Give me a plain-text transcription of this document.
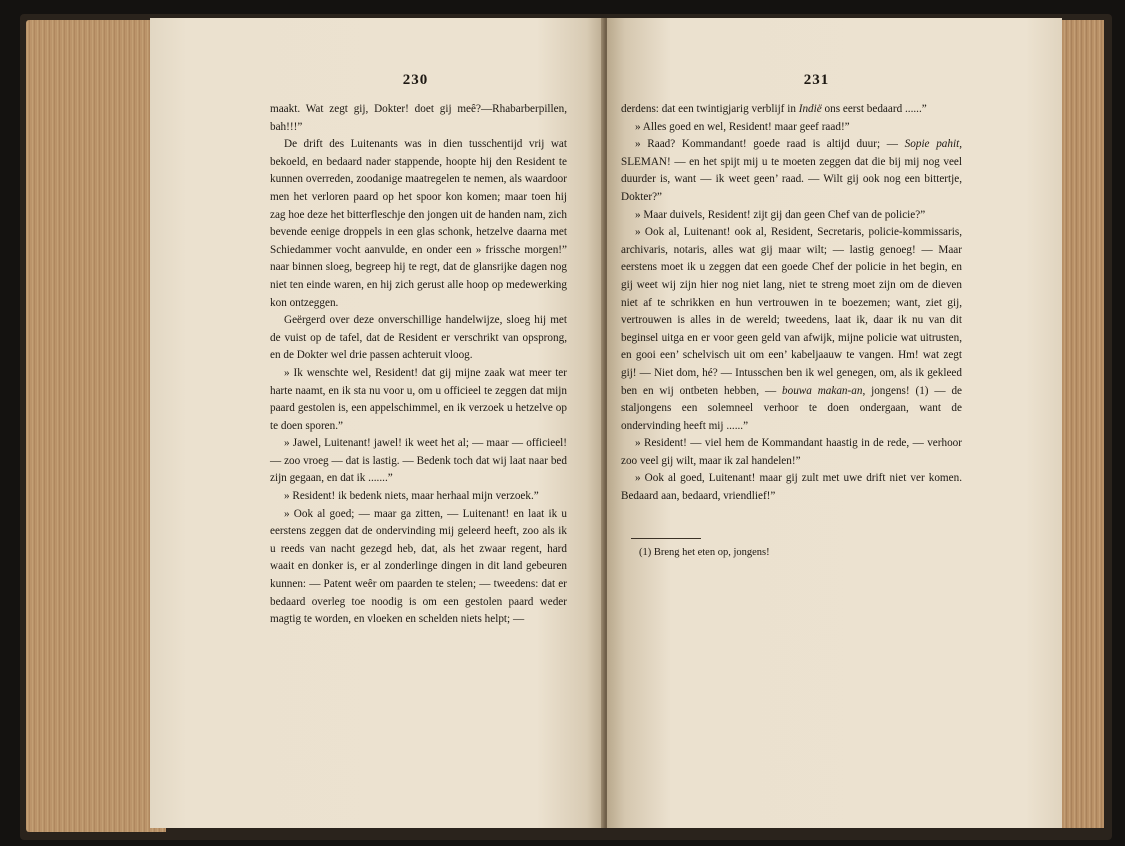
230

maakt. Wat zegt gij, Dokter! doet gij meê?—Rhabarberpillen, bah!!!”

De drift des Luitenants was in dien tusschentijd vrij wat bekoeld, en bedaard nader stappende, hoopte hij den Resident te kunnen overreden, zoodanige maatregelen te nemen, als waardoor men het verloren paard op het spoor kon komen; maar toen hij zag hoe deze het bitterfleschje den jongen uit de handen nam, zich bevende eenige droppels in een glas schonk, hetzelve daarna met Schiedammer vocht aanvulde, en onder een » frissche morgen!” naar binnen sloeg, begreep hij te regt, dat de glansrijke dagen nog niet ten einde waren, en hij zich gerust alle hoop op medewerking kon ontzeggen.

Geërgerd over deze onverschillige handelwijze, sloeg hij met de vuist op de tafel, dat de Resident er verschrikt van opsprong, en de Dokter wel drie passen achteruit vloog.

» Ik wenschte wel, Resident! dat gij mijne zaak wat meer ter harte naamt, en ik sta nu voor u, om u officieel te zeggen dat mijn paard gestolen is, een appelschimmel, en ik verzoek u hetzelve op te doen sporen.”

» Jawel, Luitenant! jawel! ik weet het al; — maar — officieel! — zoo vroeg — dat is lastig. — Bedenk toch dat wij laat naar bed zijn gegaan, en dat ik .......”

» Resident! ik bedenk niets, maar herhaal mijn verzoek.”

» Ook al goed; — maar ga zitten, — Luitenant! en laat ik u eerstens zeggen dat de ondervinding mij geleerd heeft, zoo als ik u reeds van nacht gezegd heb, dat, als het zwaar regent, hard waait en donker is, er al zonderlinge dingen in dit land gebeuren kunnen: — Patent weêr om paarden te stelen; — tweedens: dat er bedaard overleg toe noodig is om een gestolen paard weder magtig te worden, en vloeken en schelden niets helpt; —

231

derdens: dat een twintigjarig verblijf in Indië ons eerst bedaard ......”

» Alles goed en wel, Resident! maar geef raad!”

» Raad? Kommandant! goede raad is altijd duur; — Sopie pahit, SLEMAN! — en het spijt mij u te moeten zeggen dat die bij mij nog veel duurder is, want — ik weet geen’ raad. — Wilt gij ook nog een bittertje, Dokter?”

» Maar duivels, Resident! zijt gij dan geen Chef van de policie?”

» Ook al, Luitenant! ook al, Resident, Secretaris, policie-kommissaris, archivaris, notaris, alles wat gij maar wilt; — lastig genoeg! — Maar eerstens moet ik u zeggen dat een goede Chef der policie in het begin, en gij weet wij zijn hier nog niet lang, niet te streng moet zijn om de dieven niet af te schrikken en hun vertrouwen in te boezemen; want, ziet gij, vertrouwen is alles in de wereld; tweedens, laat ik, daar ik nu van dit beginsel uitga en er voor geen geld van afwijk, mijne policie wat uitrusten, en gooi een’ schelvisch uit om een’ kabeljaauw te vangen. Hm! wat zegt gij! — Niet dom, hé? — Intusschen ben ik wel genegen, om, als ik gekleed ben en wij ontbeten hebben, — bouwa makan-an, jongens! (1) — de staljongens een solemneel verhoor te doen ondergaan, want de ondervinding heeft mij ......”

» Resident! — viel hem de Kommandant haastig in de rede, — verhoor zoo veel gij wilt, maar ik zal handelen!”

» Ook al goed, Luitenant! maar gij zult met uwe drift niet ver komen. Bedaard aan, bedaard, vriendlief!”

(1) Breng het eten op, jongens!
